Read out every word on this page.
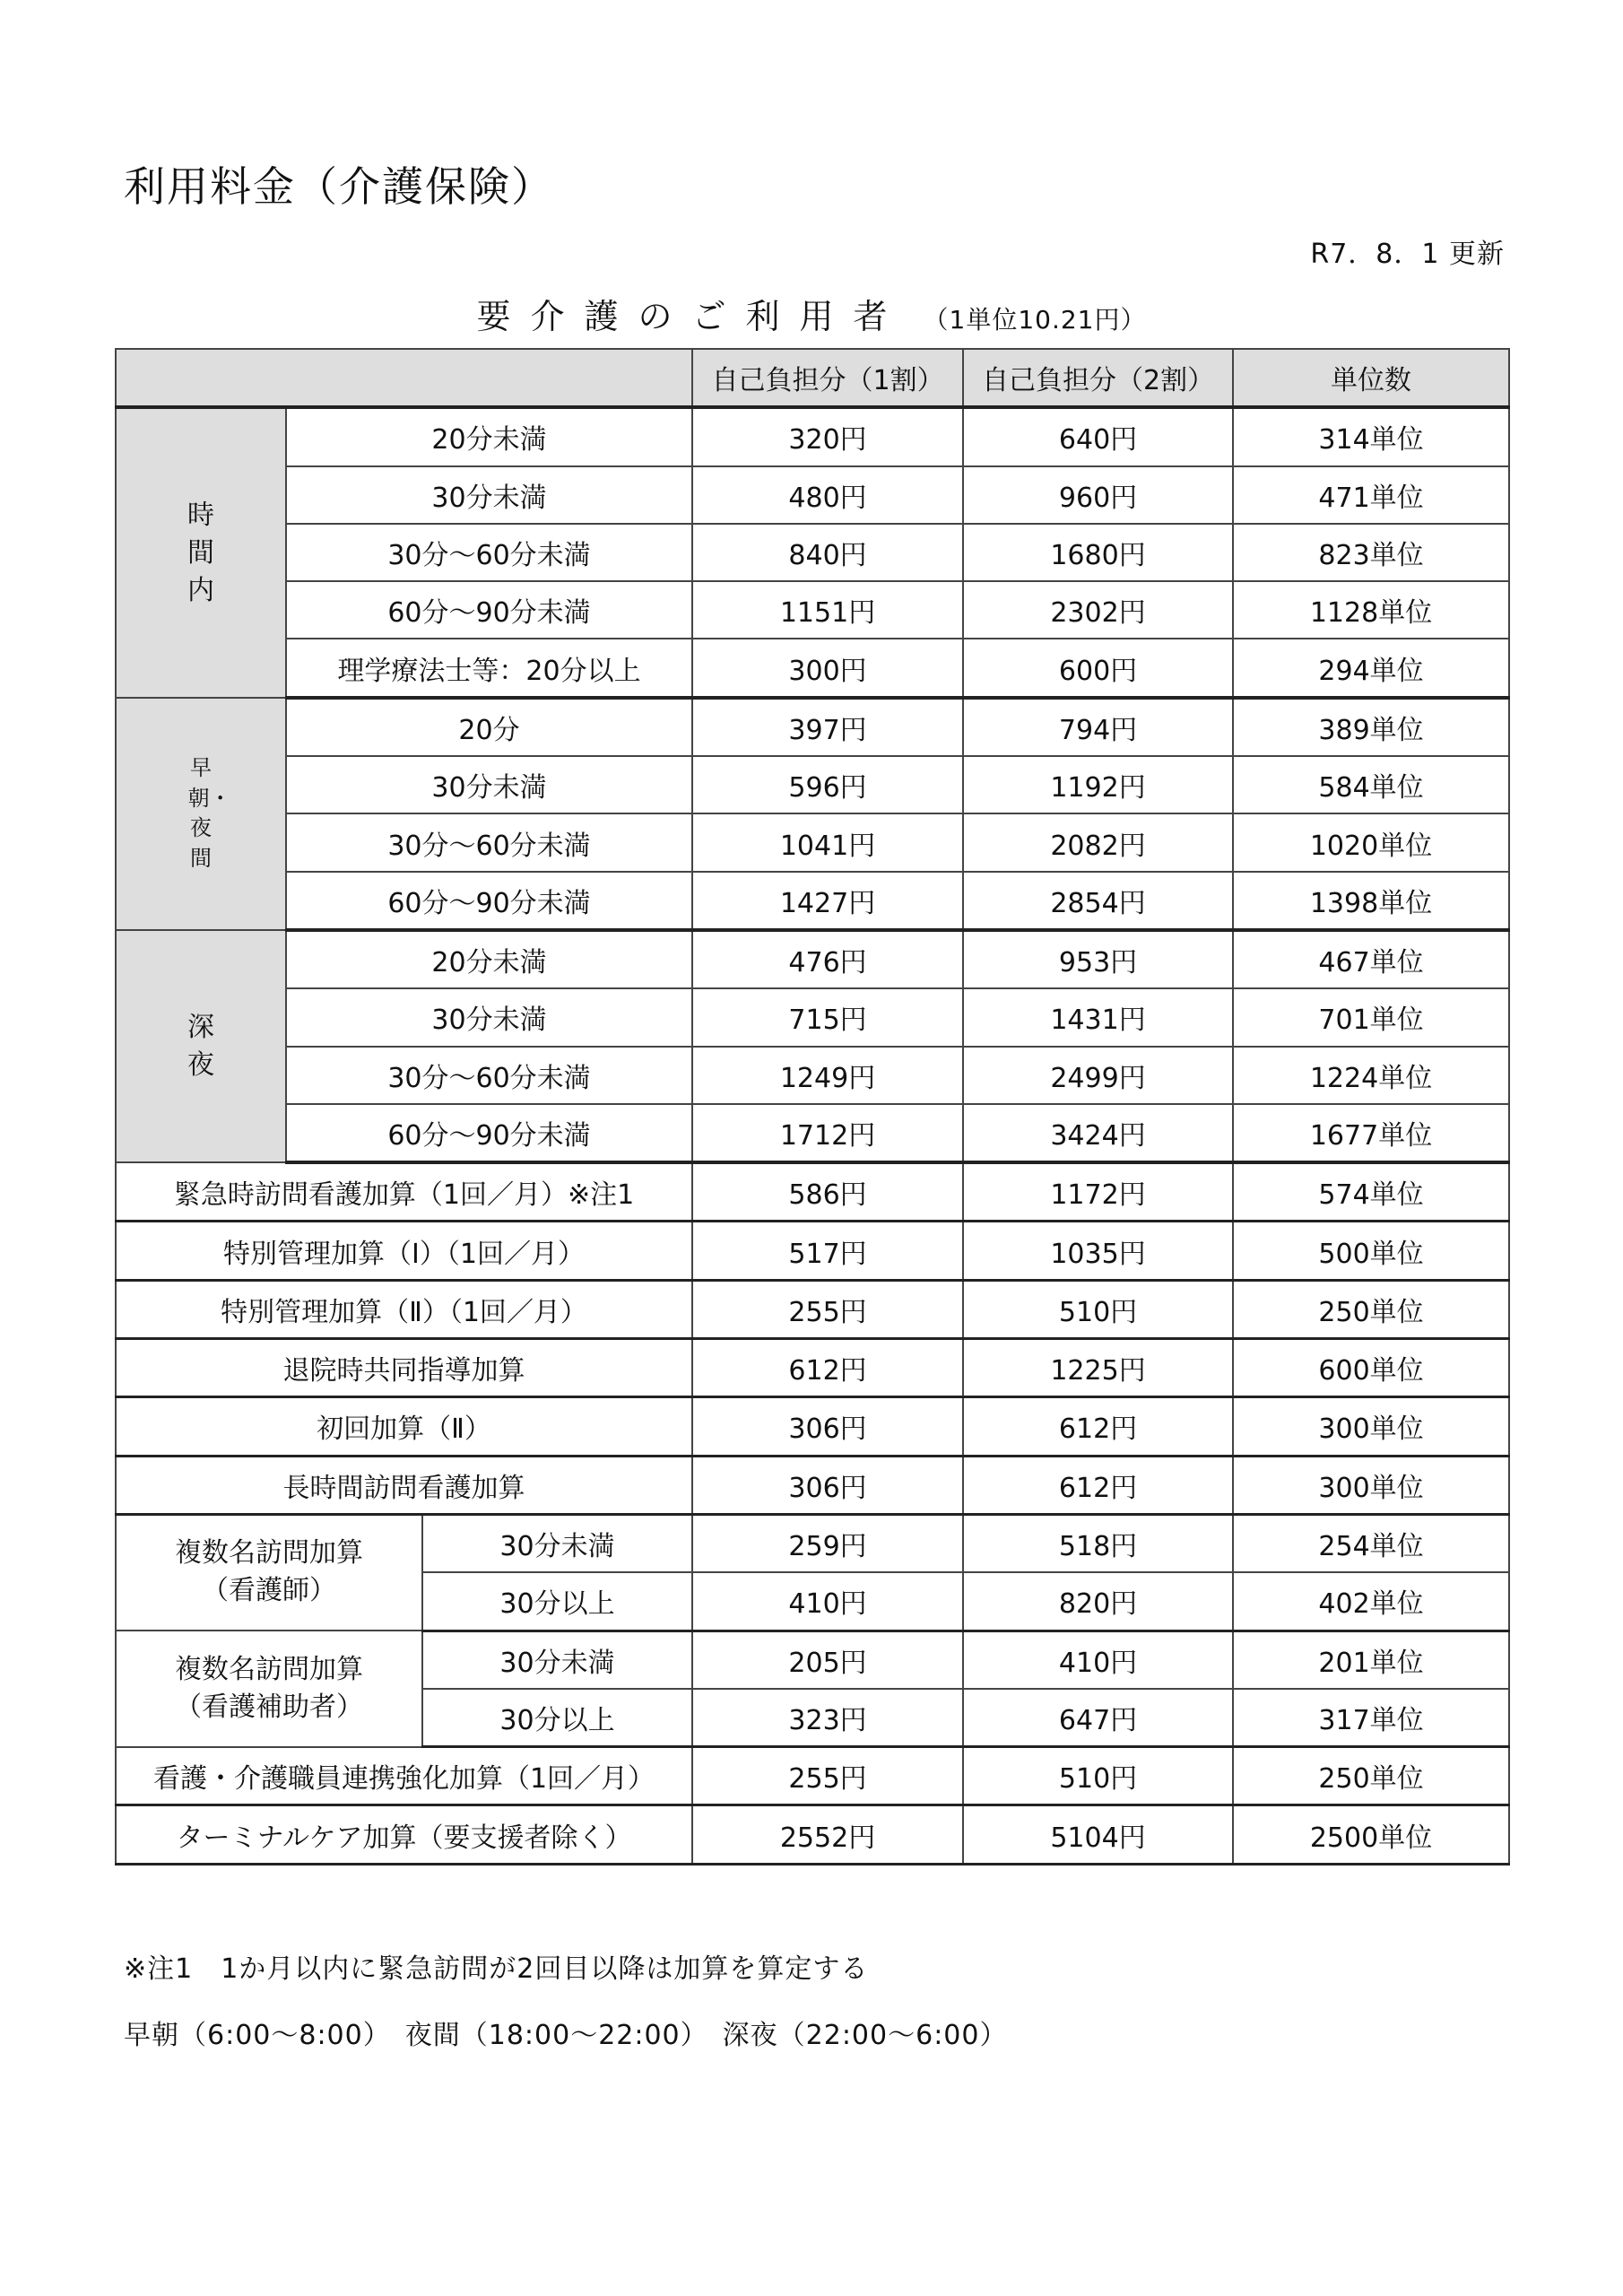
利用料金（介護保険）
R7．8．1 更新
要介護のご利用者 （1単位10.21円）
			自己負担分（1割）	自己負担分（2割）	単位数
時間内	20分未満		320円	640円	314単位
	30分未満		480円	960円	471単位
	30分～60分未満		840円	1680円	823単位
	60分～90分未満		1151円	2302円	1128単位
	理学療法士等：20分以上		300円	600円	294単位
早朝・夜間	20分		397円	794円	389単位
	30分未満		596円	1192円	584単位
	30分～60分未満		1041円	2082円	1020単位
	60分～90分未満		1427円	2854円	1398単位
深夜	20分未満		476円	953円	467単位
	30分未満		715円	1431円	701単位
	30分～60分未満		1249円	2499円	1224単位
	60分～90分未満		1712円	3424円	1677単位
緊急時訪問看護加算（1回／月）※注1			586円	1172円	574単位
特別管理加算（Ⅰ）（1回／月）			517円	1035円	500単位
特別管理加算（Ⅱ）（1回／月）			255円	510円	250単位
退院時共同指導加算			612円	1225円	600単位
初回加算（Ⅱ）			306円	612円	300単位
長時間訪問看護加算			306円	612円	300単位
複数名訪問加算
（看護師）		30分未満	259円	518円	254単位
		30分以上	410円	820円	402単位
複数名訪問加算
（看護補助者）		30分未満	205円	410円	201単位
		30分以上	323円	647円	317単位
看護・介護職員連携強化加算（1回／月）			255円	510円	250単位
ターミナルケア加算（要支援者除く）			2552円	5104円	2500単位
※注1　1か月以内に緊急訪問が2回目以降は加算を算定する
早朝（6:00～8:00）　夜間（18:00～22:00）　深夜（22:00～6:00）
